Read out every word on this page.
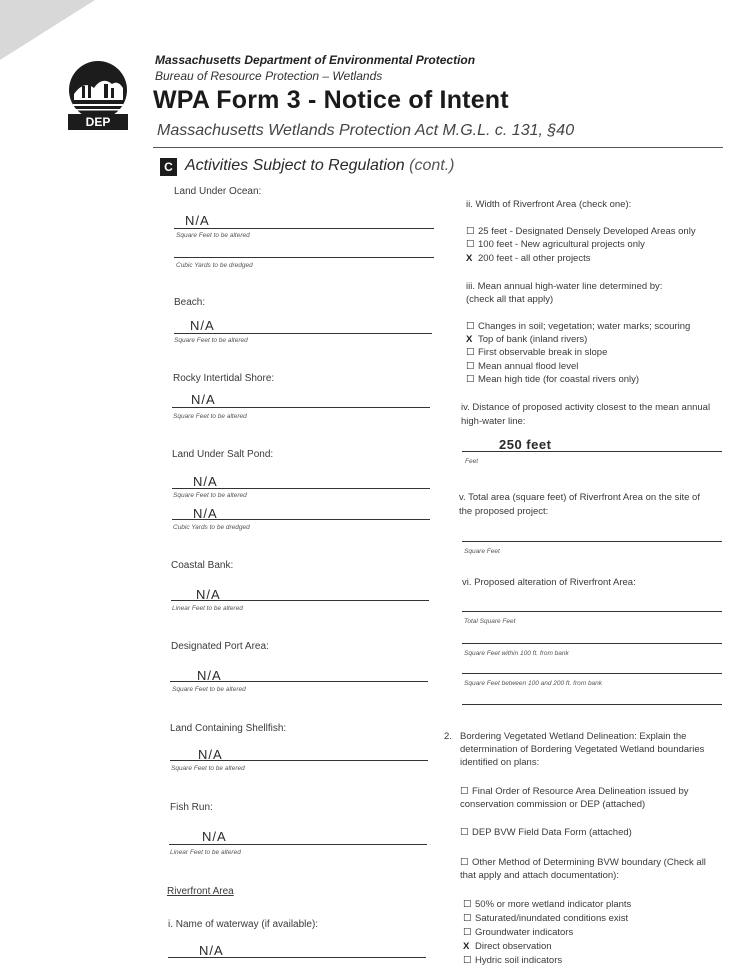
DEP
Massachusetts Department of Environmental Protection
Bureau of Resource Protection – Wetlands
WPA Form 3 - Notice of Intent
Massachusetts Wetlands Protection Act M.G.L. c. 131, §40
C Activities Subject to Regulation (cont.)
Land Under Ocean:
N/A
Square Feet to be altered
Cubic Yards to be dredged
Beach:
N/A
Square Feet to be altered
Rocky Intertidal Shore:
N/A
Square Feet to be altered
Land Under Salt Pond:
N/A
Square Feet to be altered
N/A
Cubic Yards to be dredged
Coastal Bank:
N/A
Linear Feet to be altered
Designated Port Area:
N/A
Square Feet to be altered
Land Containing Shellfish:
N/A
Square Feet to be altered
Fish Run:
N/A
Linear Feet to be altered
Riverfront Area
i. Name of waterway (if available):
N/A
ii. Width of Riverfront Area (check one):
☐ 25 feet - Designated Densely Developed Areas only
☐ 100 feet - New agricultural projects only
X 200 feet - all other projects
iii. Mean annual high-water line determined by:
(check all that apply)
☐ Changes in soil; vegetation; water marks; scouring
X Top of bank (inland rivers)
☐ First observable break in slope
☐ Mean annual flood level
☐ Mean high tide (for coastal rivers only)
iv. Distance of proposed activity closest to the mean annual
high-water line:
250 feet
Feet
v. Total area (square feet) of Riverfront Area on the site of
the proposed project:
Square Feet
vi. Proposed alteration of Riverfront Area:
Total Square Feet
Square Feet within 100 ft. from bank
Square Feet between 100 and 200 ft. from bank
2. Bordering Vegetated Wetland Delineation: Explain the
determination of Bordering Vegetated Wetland boundaries
identified on plans:
☐ Final Order of Resource Area Delineation issued by
conservation commission or DEP (attached)
☐ DEP BVW Field Data Form (attached)
☐ Other Method of Determining BVW boundary (Check all
that apply and attach documentation):
☐ 50% or more wetland indicator plants
☐ Saturated/inundated conditions exist
☐ Groundwater indicators
X Direct observation
☐ Hydric soil indicators
